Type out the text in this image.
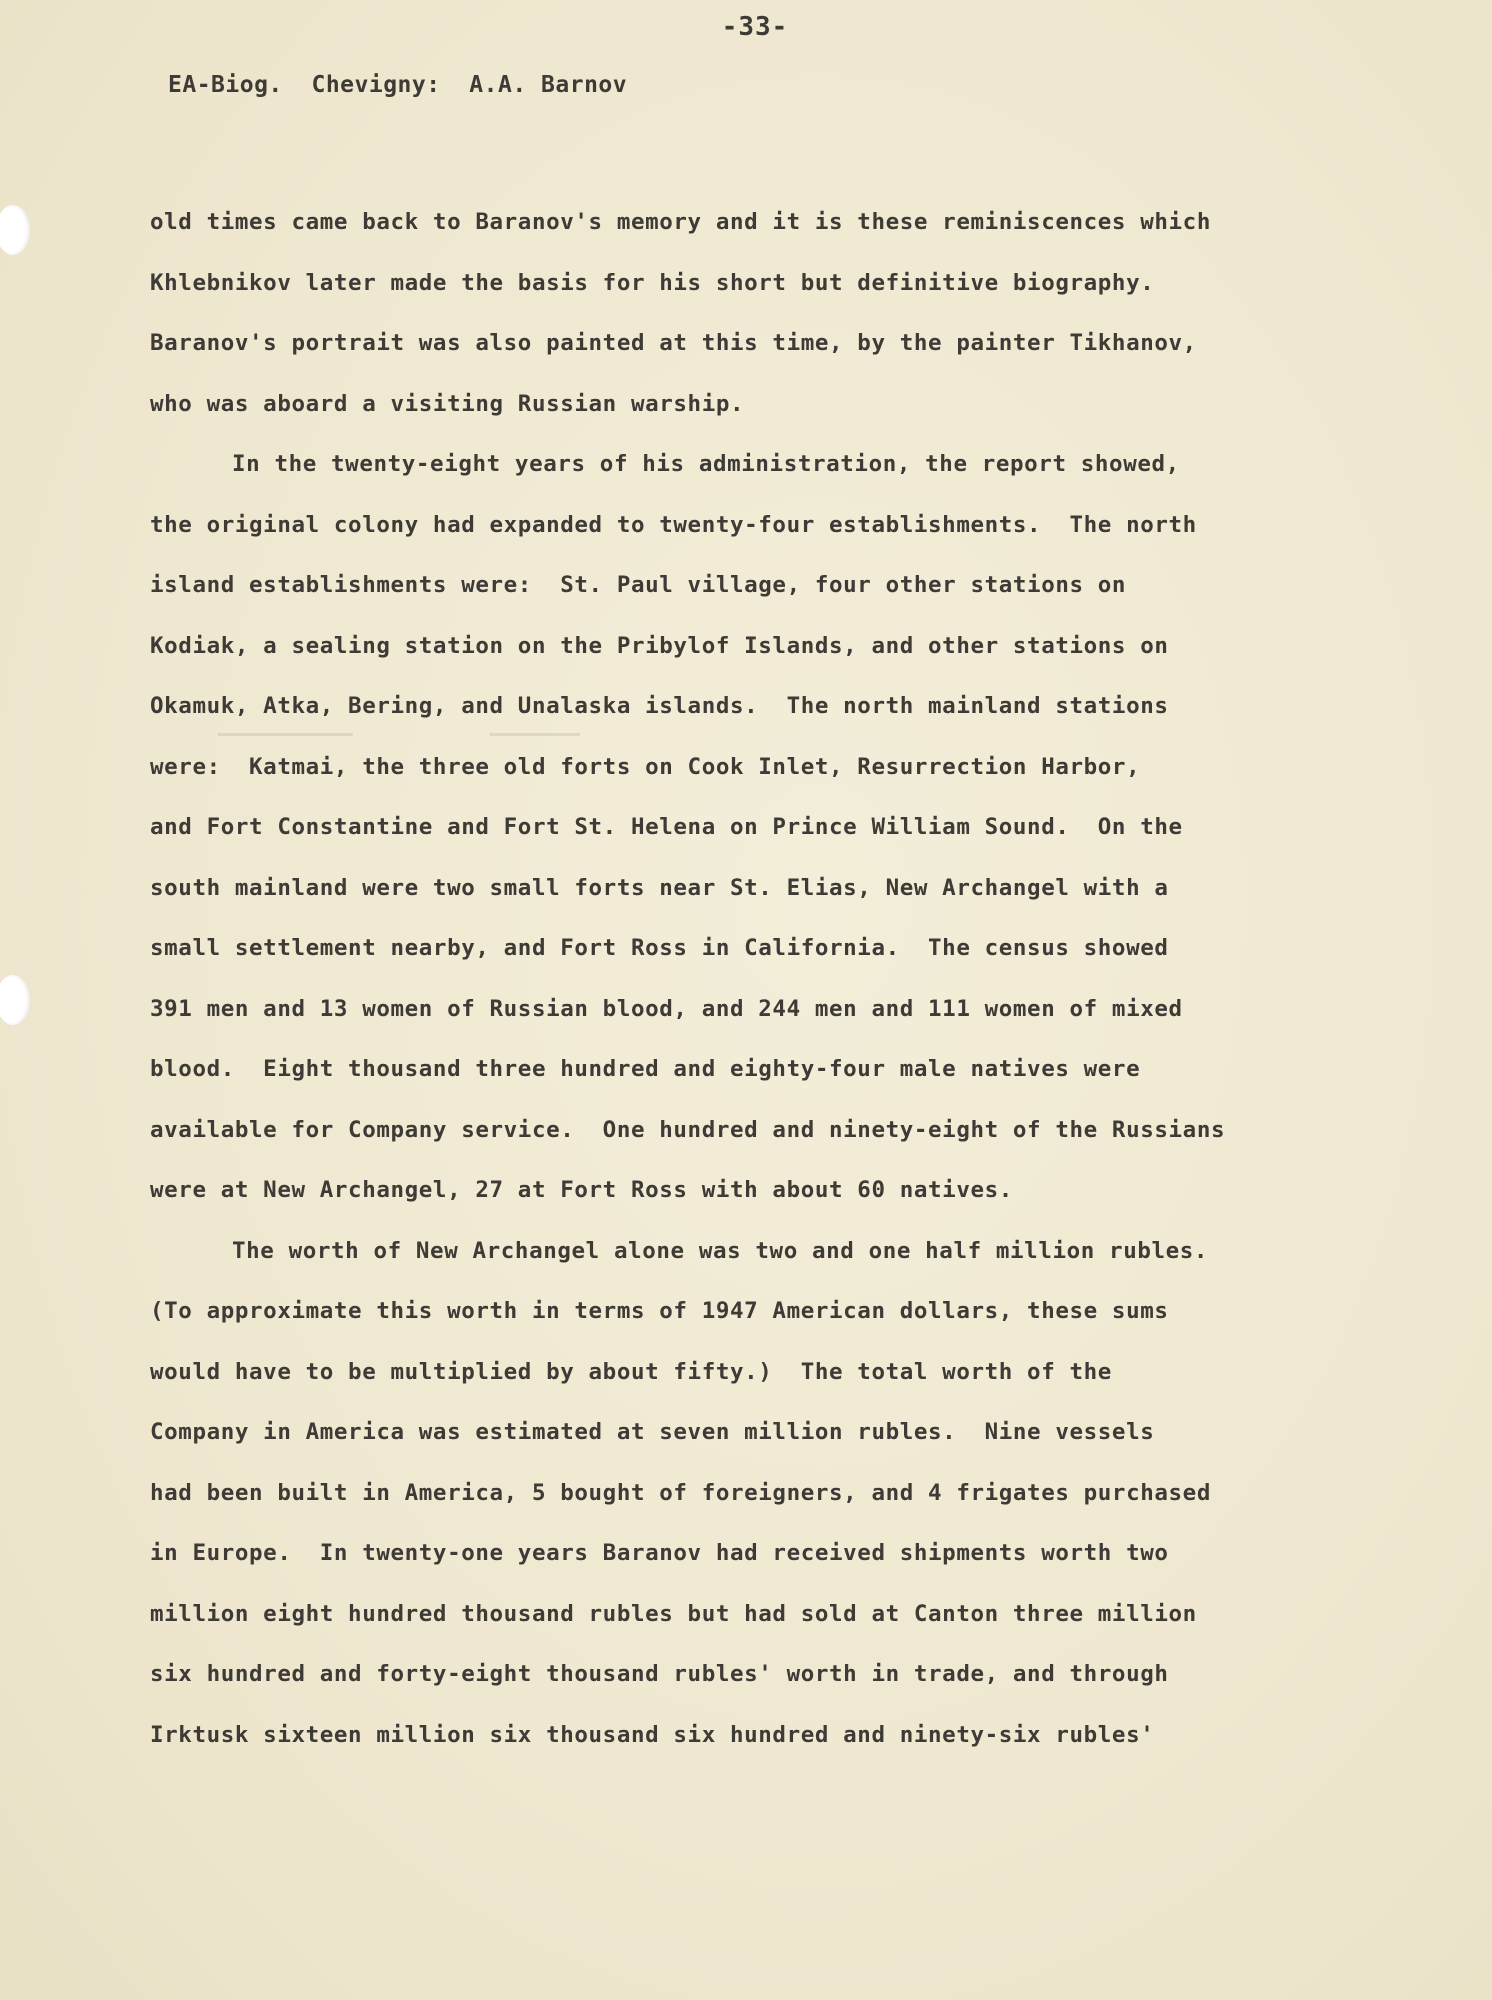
-33-
EA-Biog.  Chevigny:  A.A. Barnov
old times came back to Baranov's memory and it is these reminiscences which
Khlebnikov later made the basis for his short but definitive biography.
Baranov's portrait was also painted at this time, by the painter Tikhanov,
who was aboard a visiting Russian warship.
In the twenty-eight years of his administration, the report showed,
the original colony had expanded to twenty-four establishments.  The north
island establishments were:  St. Paul village, four other stations on
Kodiak, a sealing station on the Pribylof Islands, and other stations on
Okamuk, Atka, Bering, and Unalaska islands.  The north mainland stations
were:  Katmai, the three old forts on Cook Inlet, Resurrection Harbor,
and Fort Constantine and Fort St. Helena on Prince William Sound.  On the
south mainland were two small forts near St. Elias, New Archangel with a
small settlement nearby, and Fort Ross in California.  The census showed
391 men and 13 women of Russian blood, and 244 men and 111 women of mixed
blood.  Eight thousand three hundred and eighty-four male natives were
available for Company service.  One hundred and ninety-eight of the Russians
were at New Archangel, 27 at Fort Ross with about 60 natives.
The worth of New Archangel alone was two and one half million rubles.
(To approximate this worth in terms of 1947 American dollars, these sums
would have to be multiplied by about fifty.)  The total worth of the
Company in America was estimated at seven million rubles.  Nine vessels
had been built in America, 5 bought of foreigners, and 4 frigates purchased
in Europe.  In twenty-one years Baranov had received shipments worth two
million eight hundred thousand rubles but had sold at Canton three million
six hundred and forty-eight thousand rubles' worth in trade, and through
Irktusk sixteen million six thousand six hundred and ninety-six rubles'
